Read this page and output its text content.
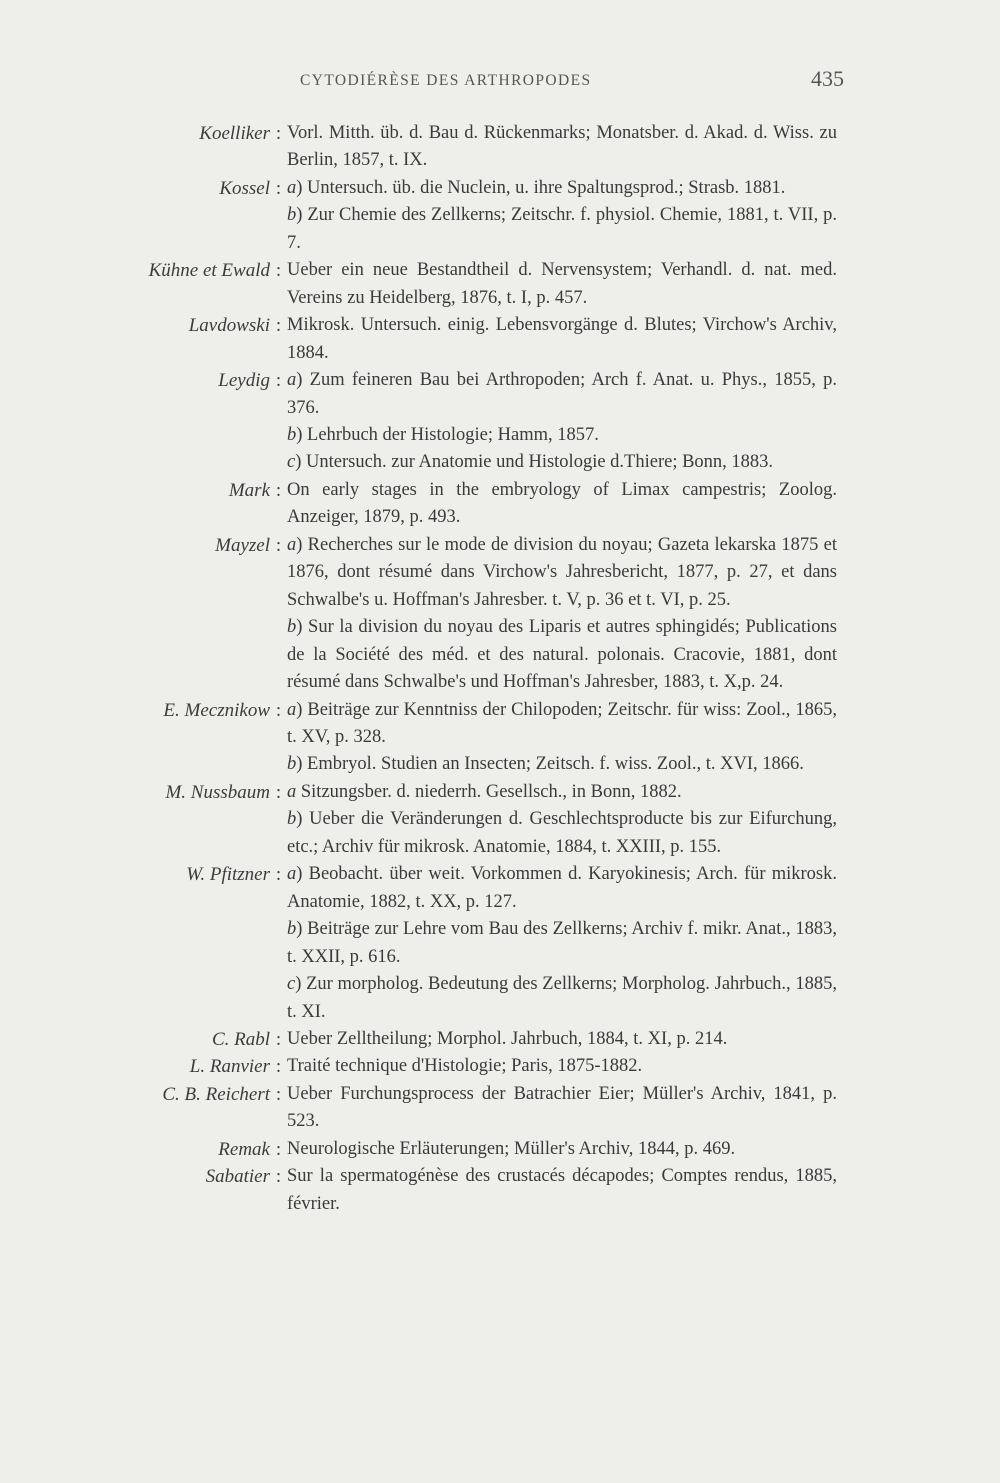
CYTODIÉRÈSE DES ARTHROPODES	435
Koelliker : Vorl. Mitth. üb. d. Bau d. Rückenmarks; Monatsber. d. Akad. d. Wiss. zu Berlin, 1857, t. IX.
Kossel : a) Untersuch. üb. die Nuclein, u. ihre Spaltungsprod.; Strasb. 1881.
b) Zur Chemie des Zellkerns; Zeitschr. f. physiol. Chemie, 1881, t. VII, p. 7.
Kühne et Ewald : Ueber ein neue Bestandtheil d. Nervensystem; Verhandl. d. nat. med. Vereins zu Heidelberg, 1876, t. I, p. 457.
Lavdowski : Mikrosk. Untersuch. einig. Lebensvorgänge d. Blutes; Virchow's Archiv, 1884.
Leydig : a) Zum feineren Bau bei Arthropoden; Arch f. Anat. u. Phys., 1855, p. 376.
b) Lehrbuch der Histologie; Hamm, 1857.
c) Untersuch. zur Anatomie und Histologie d.Thiere; Bonn, 1883.
Mark : On early stages in the embryology of Limax campestris; Zoolog. Anzeiger, 1879, p. 493.
Mayzel : a) Recherches sur le mode de division du noyau; Gazeta lekarska 1875 et 1876, dont résumé dans Virchow's Jahresbericht, 1877, p. 27, et dans Schwalbe's u. Hoffman's Jahresber. t. V, p. 36 et t. VI, p. 25.
b) Sur la division du noyau des Liparis et autres sphingidés; Publications de la Société des méd. et des natural. polonais. Cracovie, 1881, dont résumé dans Schwalbe's und Hoffman's Jahresber, 1883, t. X,p. 24.
E. Mecznikow : a) Beiträge zur Kenntniss der Chilopoden; Zeitschr. für wiss: Zool., 1865, t. XV, p. 328.
b) Embryol. Studien an Insecten; Zeitsch. f. wiss. Zool., t. XVI, 1866.
M. Nussbaum : a Sitzungsber. d. niederrh. Gesellsch., in Bonn, 1882.
b) Ueber die Veränderungen d. Geschlechtsproducte bis zur Eifurchung, etc.; Archiv für mikrosk. Anatomie, 1884, t. XXIII, p. 155.
W. Pfitzner : a) Beobacht. über weit. Vorkommen d. Karyokinesis; Arch. für mikrosk. Anatomie, 1882, t. XX, p. 127.
b) Beiträge zur Lehre vom Bau des Zellkerns; Archiv f. mikr. Anat., 1883, t. XXII, p. 616.
c) Zur morpholog. Bedeutung des Zellkerns; Morpholog. Jahrbuch., 1885, t. XI.
C. Rabl : Ueber Zelltheilung; Morphol. Jahrbuch, 1884, t. XI, p. 214.
L. Ranvier : Traité technique d'Histologie; Paris, 1875-1882.
C. B. Reichert : Ueber Furchungsprocess der Batrachier Eier; Müller's Archiv, 1841, p. 523.
Remak : Neurologische Erläuterungen; Müller's Archiv, 1844, p. 469.
Sabatier : Sur la spermatogénèse des crustacés décapodes; Comptes rendus, 1885, février.
